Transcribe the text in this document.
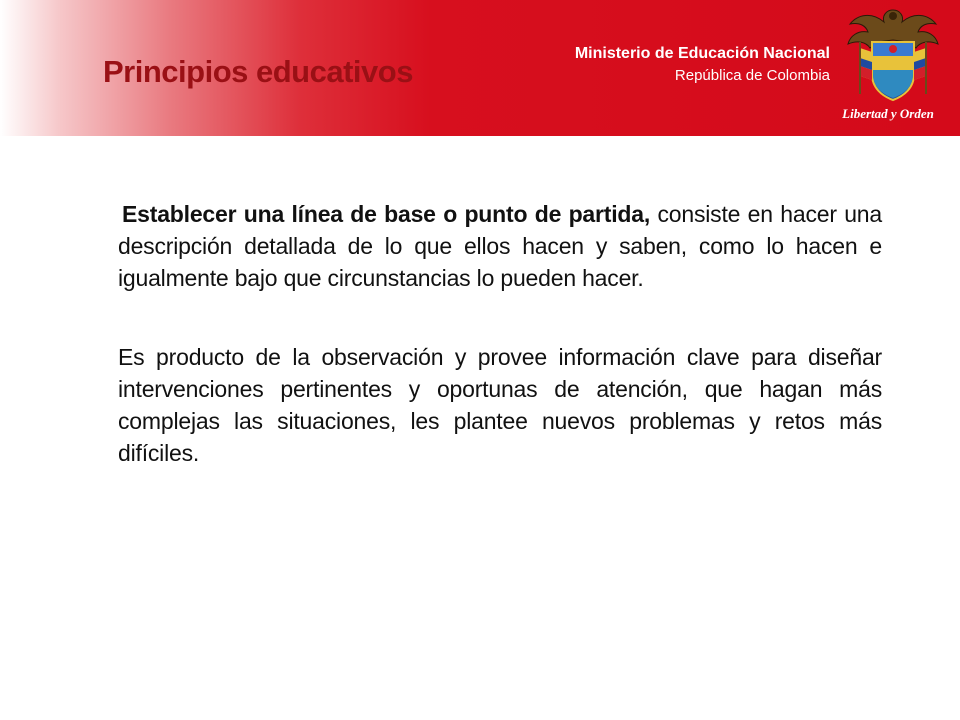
Principios educativos
Ministerio de Educación Nacional
República de Colombia
Libertad y Orden

Establecer una línea de base o punto de partida, consiste en hacer una descripción detallada de lo que ellos hacen y saben, como lo hacen e igualmente bajo que circunstancias lo pueden hacer.

Es producto de la observación y provee información clave para diseñar intervenciones pertinentes y oportunas de atención, que hagan más complejas las situaciones, les plantee nuevos problemas y retos más difíciles.
